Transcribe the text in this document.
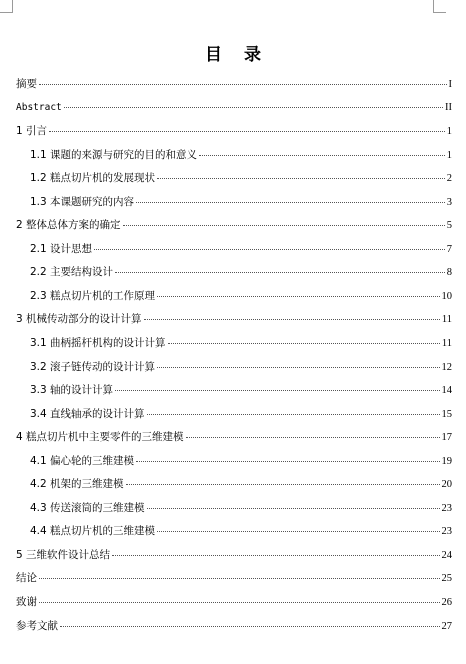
目 录
摘要	I
Abstract	II
1 引言	1
1.1 课题的来源与研究的目的和意义	1
1.2 糕点切片机的发展现状	2
1.3 本课题研究的内容	3
2 整体总体方案的确定	5
2.1 设计思想	7
2.2 主要结构设计	8
2.3 糕点切片机的工作原理	10
3 机械传动部分的设计计算	11
3.1 曲柄摇杆机构的设计计算	11
3.2 滚子链传动的设计计算	12
3.3 轴的设计计算	14
3.4 直线轴承的设计计算	15
4 糕点切片机中主要零件的三维建模	17
4.1 偏心轮的三维建模	19
4.2 机架的三维建模	20
4.3 传送滚筒的三维建模	23
4.4 糕点切片机的三维建模	23
5 三维软件设计总结	24
结论	25
致谢	26
参考文献	27
